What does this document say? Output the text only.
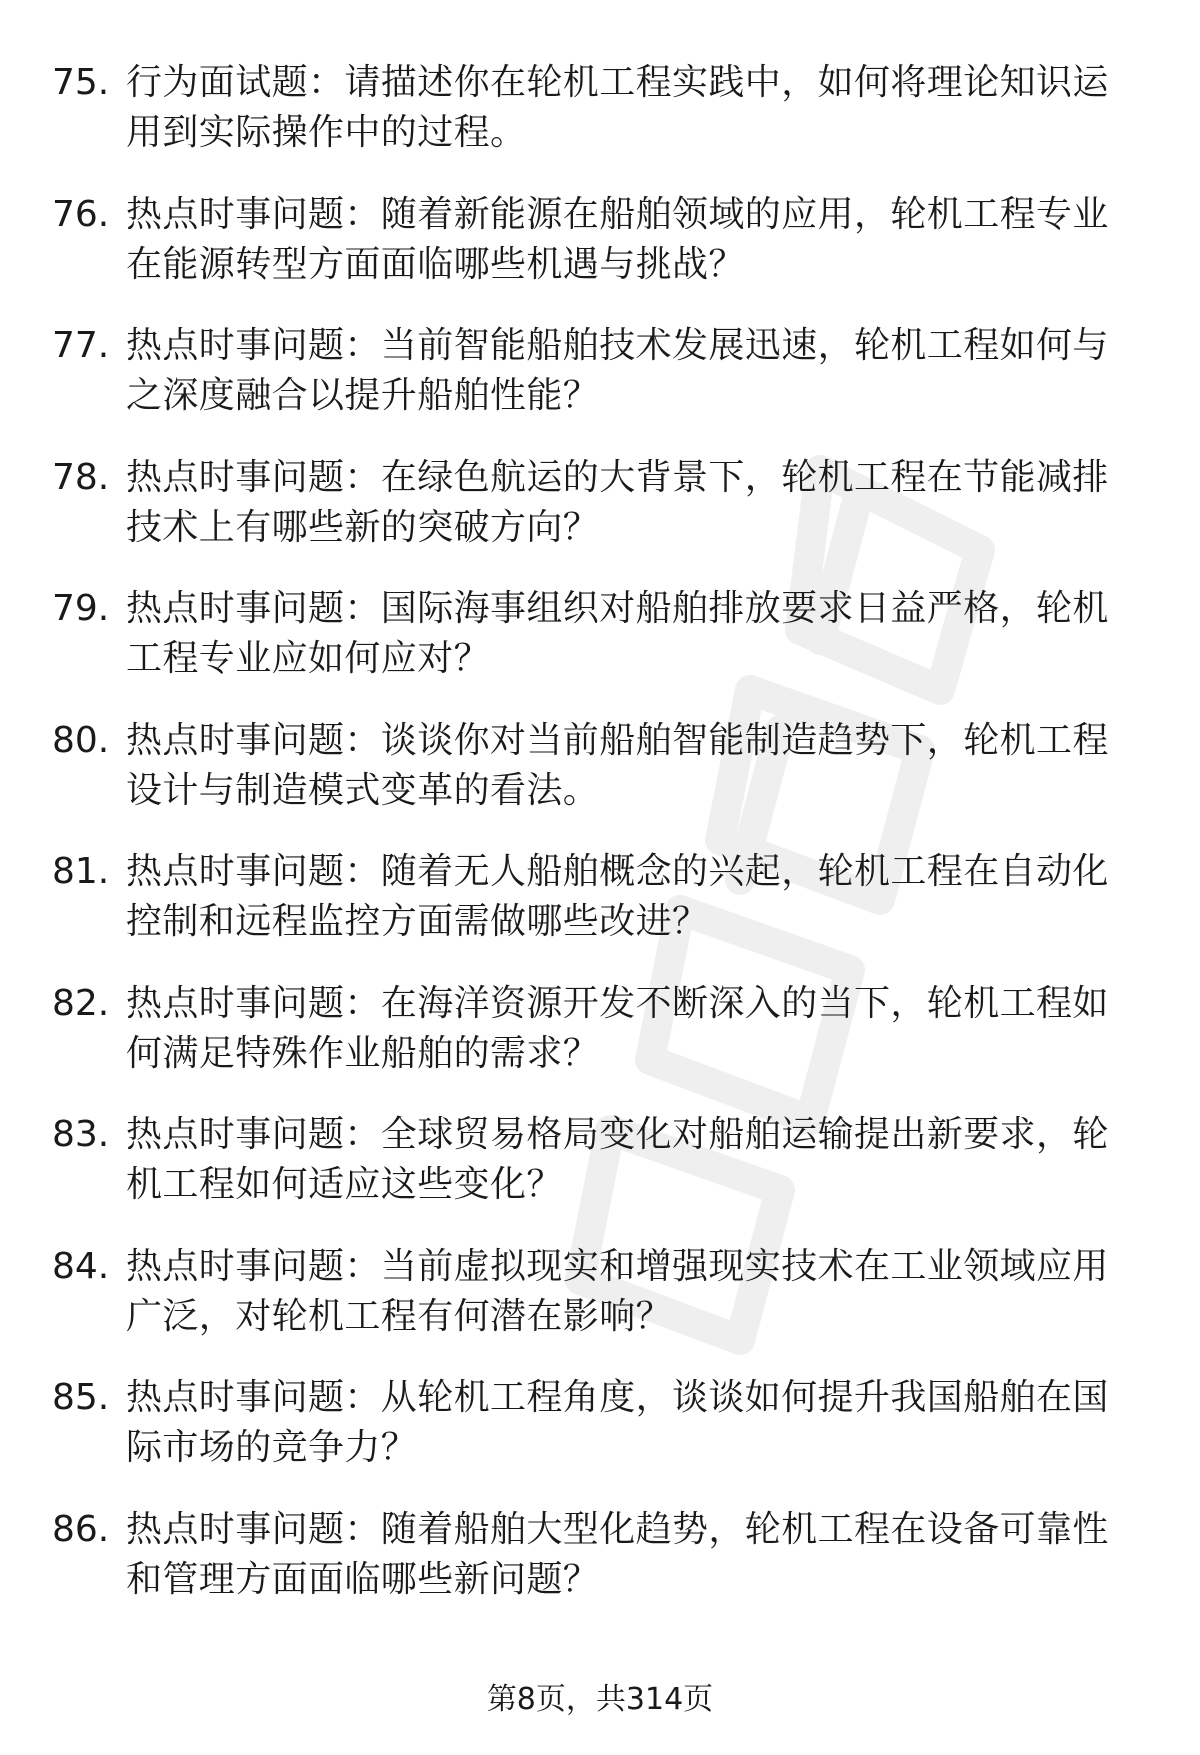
75. 行为面试题：请描述你在轮机工程实践中，如何将理论知识运用到实际操作中的过程。
76. 热点时事问题：随着新能源在船舶领域的应用，轮机工程专业在能源转型方面面临哪些机遇与挑战？
77. 热点时事问题：当前智能船舶技术发展迅速，轮机工程如何与之深度融合以提升船舶性能？
78. 热点时事问题：在绿色航运的大背景下，轮机工程在节能减排技术上有哪些新的突破方向？
79. 热点时事问题：国际海事组织对船舶排放要求日益严格，轮机工程专业应如何应对？
80. 热点时事问题：谈谈你对当前船舶智能制造趋势下，轮机工程设计与制造模式变革的看法。
81. 热点时事问题：随着无人船舶概念的兴起，轮机工程在自动化控制和远程监控方面需做哪些改进？
82. 热点时事问题：在海洋资源开发不断深入的当下，轮机工程如何满足特殊作业船舶的需求？
83. 热点时事问题：全球贸易格局变化对船舶运输提出新要求，轮机工程如何适应这些变化？
84. 热点时事问题：当前虚拟现实和增强现实技术在工业领域应用广泛，对轮机工程有何潜在影响？
85. 热点时事问题：从轮机工程角度，谈谈如何提升我国船舶在国际市场的竞争力？
86. 热点时事问题：随着船舶大型化趋势，轮机工程在设备可靠性和管理方面面临哪些新问题？
第8页，共314页
